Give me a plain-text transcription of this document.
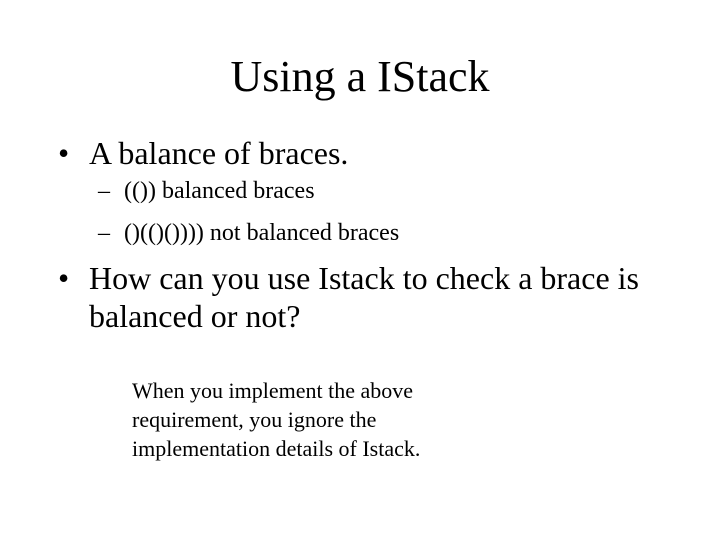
Using a IStack
• A balance of braces.
– (()) balanced braces
– ()(()()))) not balanced braces
• How can you use Istack to check a brace is balanced or not?
When you implement the above requirement, you ignore the implementation details of Istack.
